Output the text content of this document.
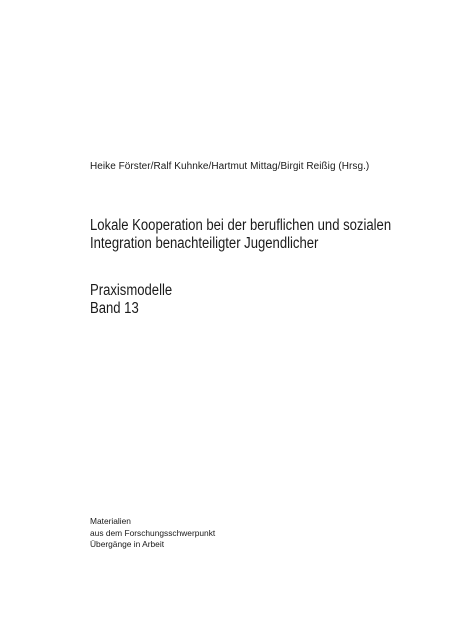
Heike Förster/Ralf Kuhnke/Hartmut Mittag/Birgit Reißig (Hrsg.)
Lokale Kooperation bei der beruflichen und sozialen
Integration benachteiligter Jugendlicher
Praxismodelle
Band 13
Materialien
aus dem Forschungsschwerpunkt
Übergänge in Arbeit
